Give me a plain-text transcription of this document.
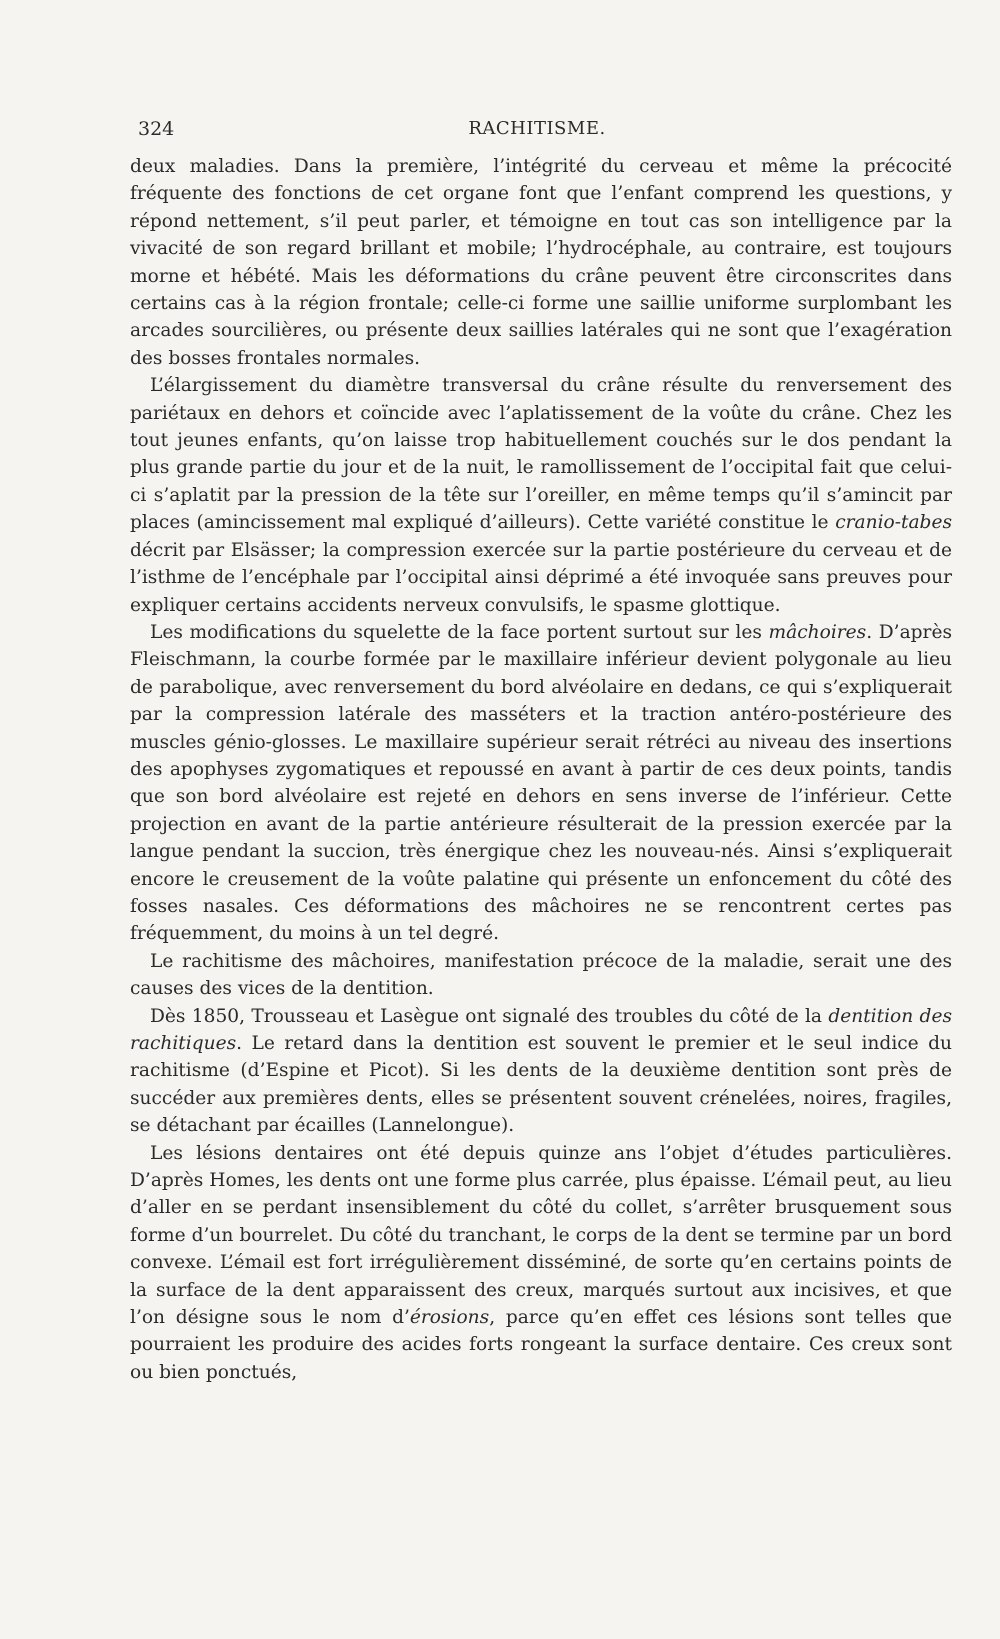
324	RACHITISME.

deux maladies. Dans la première, l’intégrité du cerveau et même la précocité fréquente des fonctions de cet organe font que l’enfant comprend les questions, y répond nettement, s’il peut parler, et témoigne en tout cas son intelligence par la vivacité de son regard brillant et mobile; l’hydrocéphale, au contraire, est toujours morne et hébété. Mais les déformations du crâne peuvent être circonscrites dans certains cas à la région frontale; celle-ci forme une saillie uniforme surplombant les arcades sourcilières, ou présente deux saillies latérales qui ne sont que l’exagération des bosses frontales normales.

L’élargissement du diamètre transversal du crâne résulte du renversement des pariétaux en dehors et coïncide avec l’aplatissement de la voûte du crâne. Chez les tout jeunes enfants, qu’on laisse trop habituellement couchés sur le dos pendant la plus grande partie du jour et de la nuit, le ramollissement de l’occipital fait que celui-ci s’aplatit par la pression de la tête sur l’oreiller, en même temps qu’il s’amincit par places (amincissement mal expliqué d’ailleurs). Cette variété constitue le cranio-tabes décrit par Elsässer; la compression exercée sur la partie postérieure du cerveau et de l’isthme de l’encéphale par l’occipital ainsi déprimé a été invoquée sans preuves pour expliquer certains accidents nerveux convulsifs, le spasme glottique.

Les modifications du squelette de la face portent surtout sur les mâchoires. D’après Fleischmann, la courbe formée par le maxillaire inférieur devient polygonale au lieu de parabolique, avec renversement du bord alvéolaire en dedans, ce qui s’expliquerait par la compression latérale des masséters et la traction antéro-postérieure des muscles génio-glosses. Le maxillaire supérieur serait rétréci au niveau des insertions des apophyses zygomatiques et repoussé en avant à partir de ces deux points, tandis que son bord alvéolaire est rejeté en dehors en sens inverse de l’inférieur. Cette projection en avant de la partie antérieure résulterait de la pression exercée par la langue pendant la succion, très énergique chez les nouveau-nés. Ainsi s’expliquerait encore le creusement de la voûte palatine qui présente un enfoncement du côté des fosses nasales. Ces déformations des mâchoires ne se rencontrent certes pas fréquemment, du moins à un tel degré.

Le rachitisme des mâchoires, manifestation précoce de la maladie, serait une des causes des vices de la dentition.

Dès 1850, Trousseau et Lasègue ont signalé des troubles du côté de la dentition des rachitiques. Le retard dans la dentition est souvent le premier et le seul indice du rachitisme (d’Espine et Picot). Si les dents de la deuxième dentition sont près de succéder aux premières dents, elles se présentent souvent crénelées, noires, fragiles, se détachant par écailles (Lannelongue).

Les lésions dentaires ont été depuis quinze ans l’objet d’études particulières. D’après Homes, les dents ont une forme plus carrée, plus épaisse. L’émail peut, au lieu d’aller en se perdant insensiblement du côté du collet, s’arrêter brusquement sous forme d’un bourrelet. Du côté du tranchant, le corps de la dent se termine par un bord convexe. L’émail est fort irrégulièrement disséminé, de sorte qu’en certains points de la surface de la dent apparaissent des creux, marqués surtout aux incisives, et que l’on désigne sous le nom d’érosions, parce qu’en effet ces lésions sont telles que pourraient les produire des acides forts rongeant la surface dentaire. Ces creux sont ou bien ponctués,
